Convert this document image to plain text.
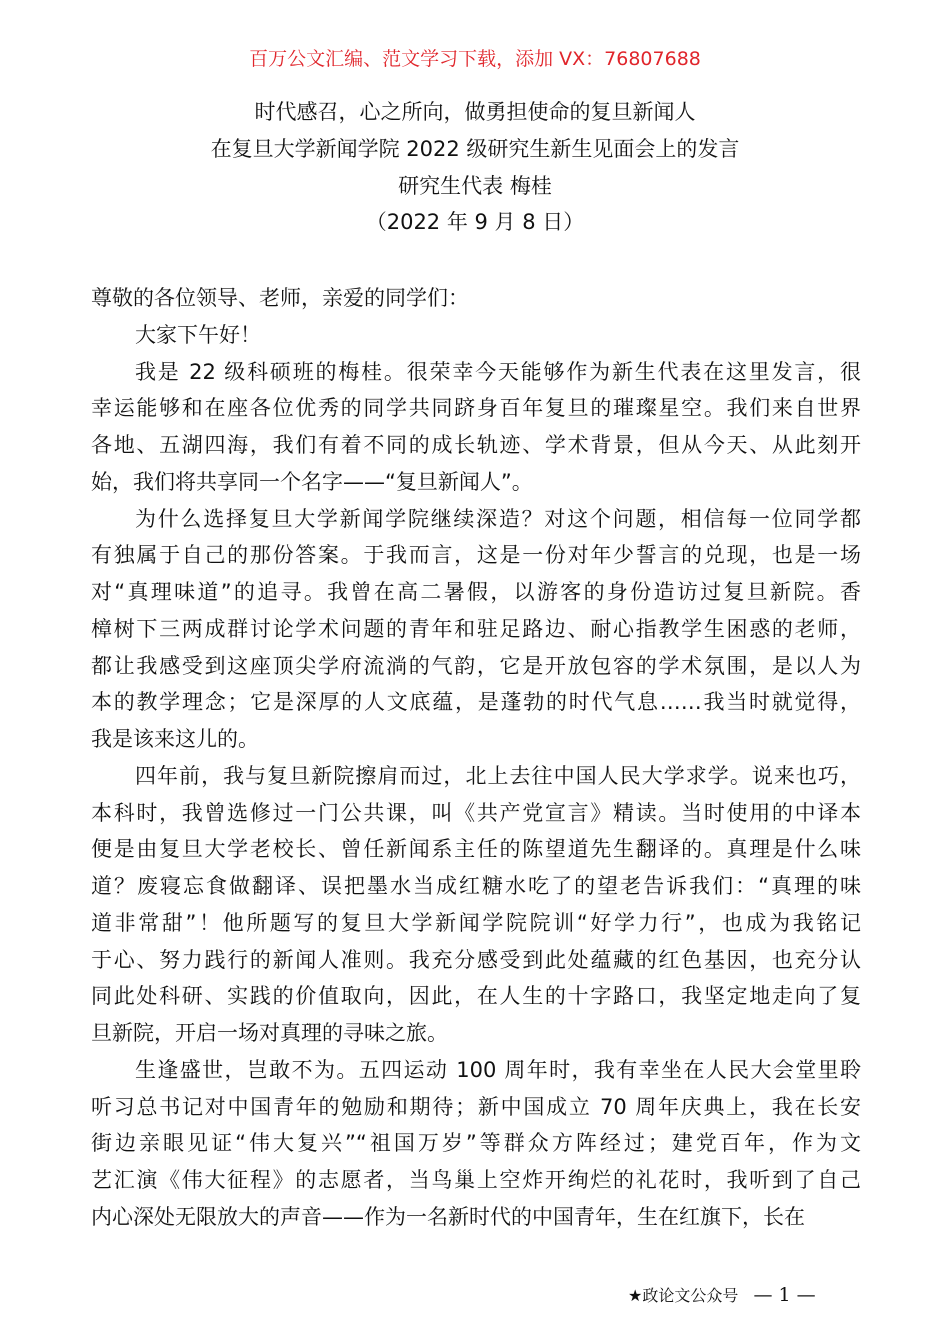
百万公文汇编、范文学习下载，添加 VX：76807688
时代感召，心之所向，做勇担使命的复旦新闻人
在复旦大学新闻学院 2022 级研究生新生见面会上的发言
研究生代表 梅桂
（2022 年 9 月 8 日）
尊敬的各位领导、老师，亲爱的同学们：
大家下午好！
我是 22 级科硕班的梅桂。很荣幸今天能够作为新生代表在这里发言，很
幸运能够和在座各位优秀的同学共同跻身百年复旦的璀璨星空。我们来自世界
各地、五湖四海，我们有着不同的成长轨迹、学术背景，但从今天、从此刻开
始，我们将共享同一个名字——“复旦新闻人”。
为什么选择复旦大学新闻学院继续深造？对这个问题，相信每一位同学都
有独属于自己的那份答案。于我而言，这是一份对年少誓言的兑现，也是一场
对“真理味道”的追寻。我曾在高二暑假，以游客的身份造访过复旦新院。香
樟树下三两成群讨论学术问题的青年和驻足路边、耐心指教学生困惑的老师，
都让我感受到这座顶尖学府流淌的气韵，它是开放包容的学术氛围，是以人为
本的教学理念；它是深厚的人文底蕴，是蓬勃的时代气息……我当时就觉得，
我是该来这儿的。
四年前，我与复旦新院擦肩而过，北上去往中国人民大学求学。说来也巧，
本科时，我曾选修过一门公共课，叫《共产党宣言》精读。当时使用的中译本
便是由复旦大学老校长、曾任新闻系主任的陈望道先生翻译的。真理是什么味
道？废寝忘食做翻译、误把墨水当成红糖水吃了的望老告诉我们：“真理的味
道非常甜”！他所题写的复旦大学新闻学院院训“好学力行”，也成为我铭记
于心、努力践行的新闻人准则。我充分感受到此处蕴藏的红色基因，也充分认
同此处科研、实践的价值取向，因此，在人生的十字路口，我坚定地走向了复
旦新院，开启一场对真理的寻味之旅。
生逢盛世，岂敢不为。五四运动 100 周年时，我有幸坐在人民大会堂里聆
听习总书记对中国青年的勉励和期待；新中国成立 70 周年庆典上，我在长安
街边亲眼见证“伟大复兴”“祖国万岁”等群众方阵经过；建党百年，作为文
艺汇演《伟大征程》的志愿者，当鸟巢上空炸开绚烂的礼花时，我听到了自己
内心深处无限放大的声音——作为一名新时代的中国青年，生在红旗下，长在
★政论文公众号 — 1 —
